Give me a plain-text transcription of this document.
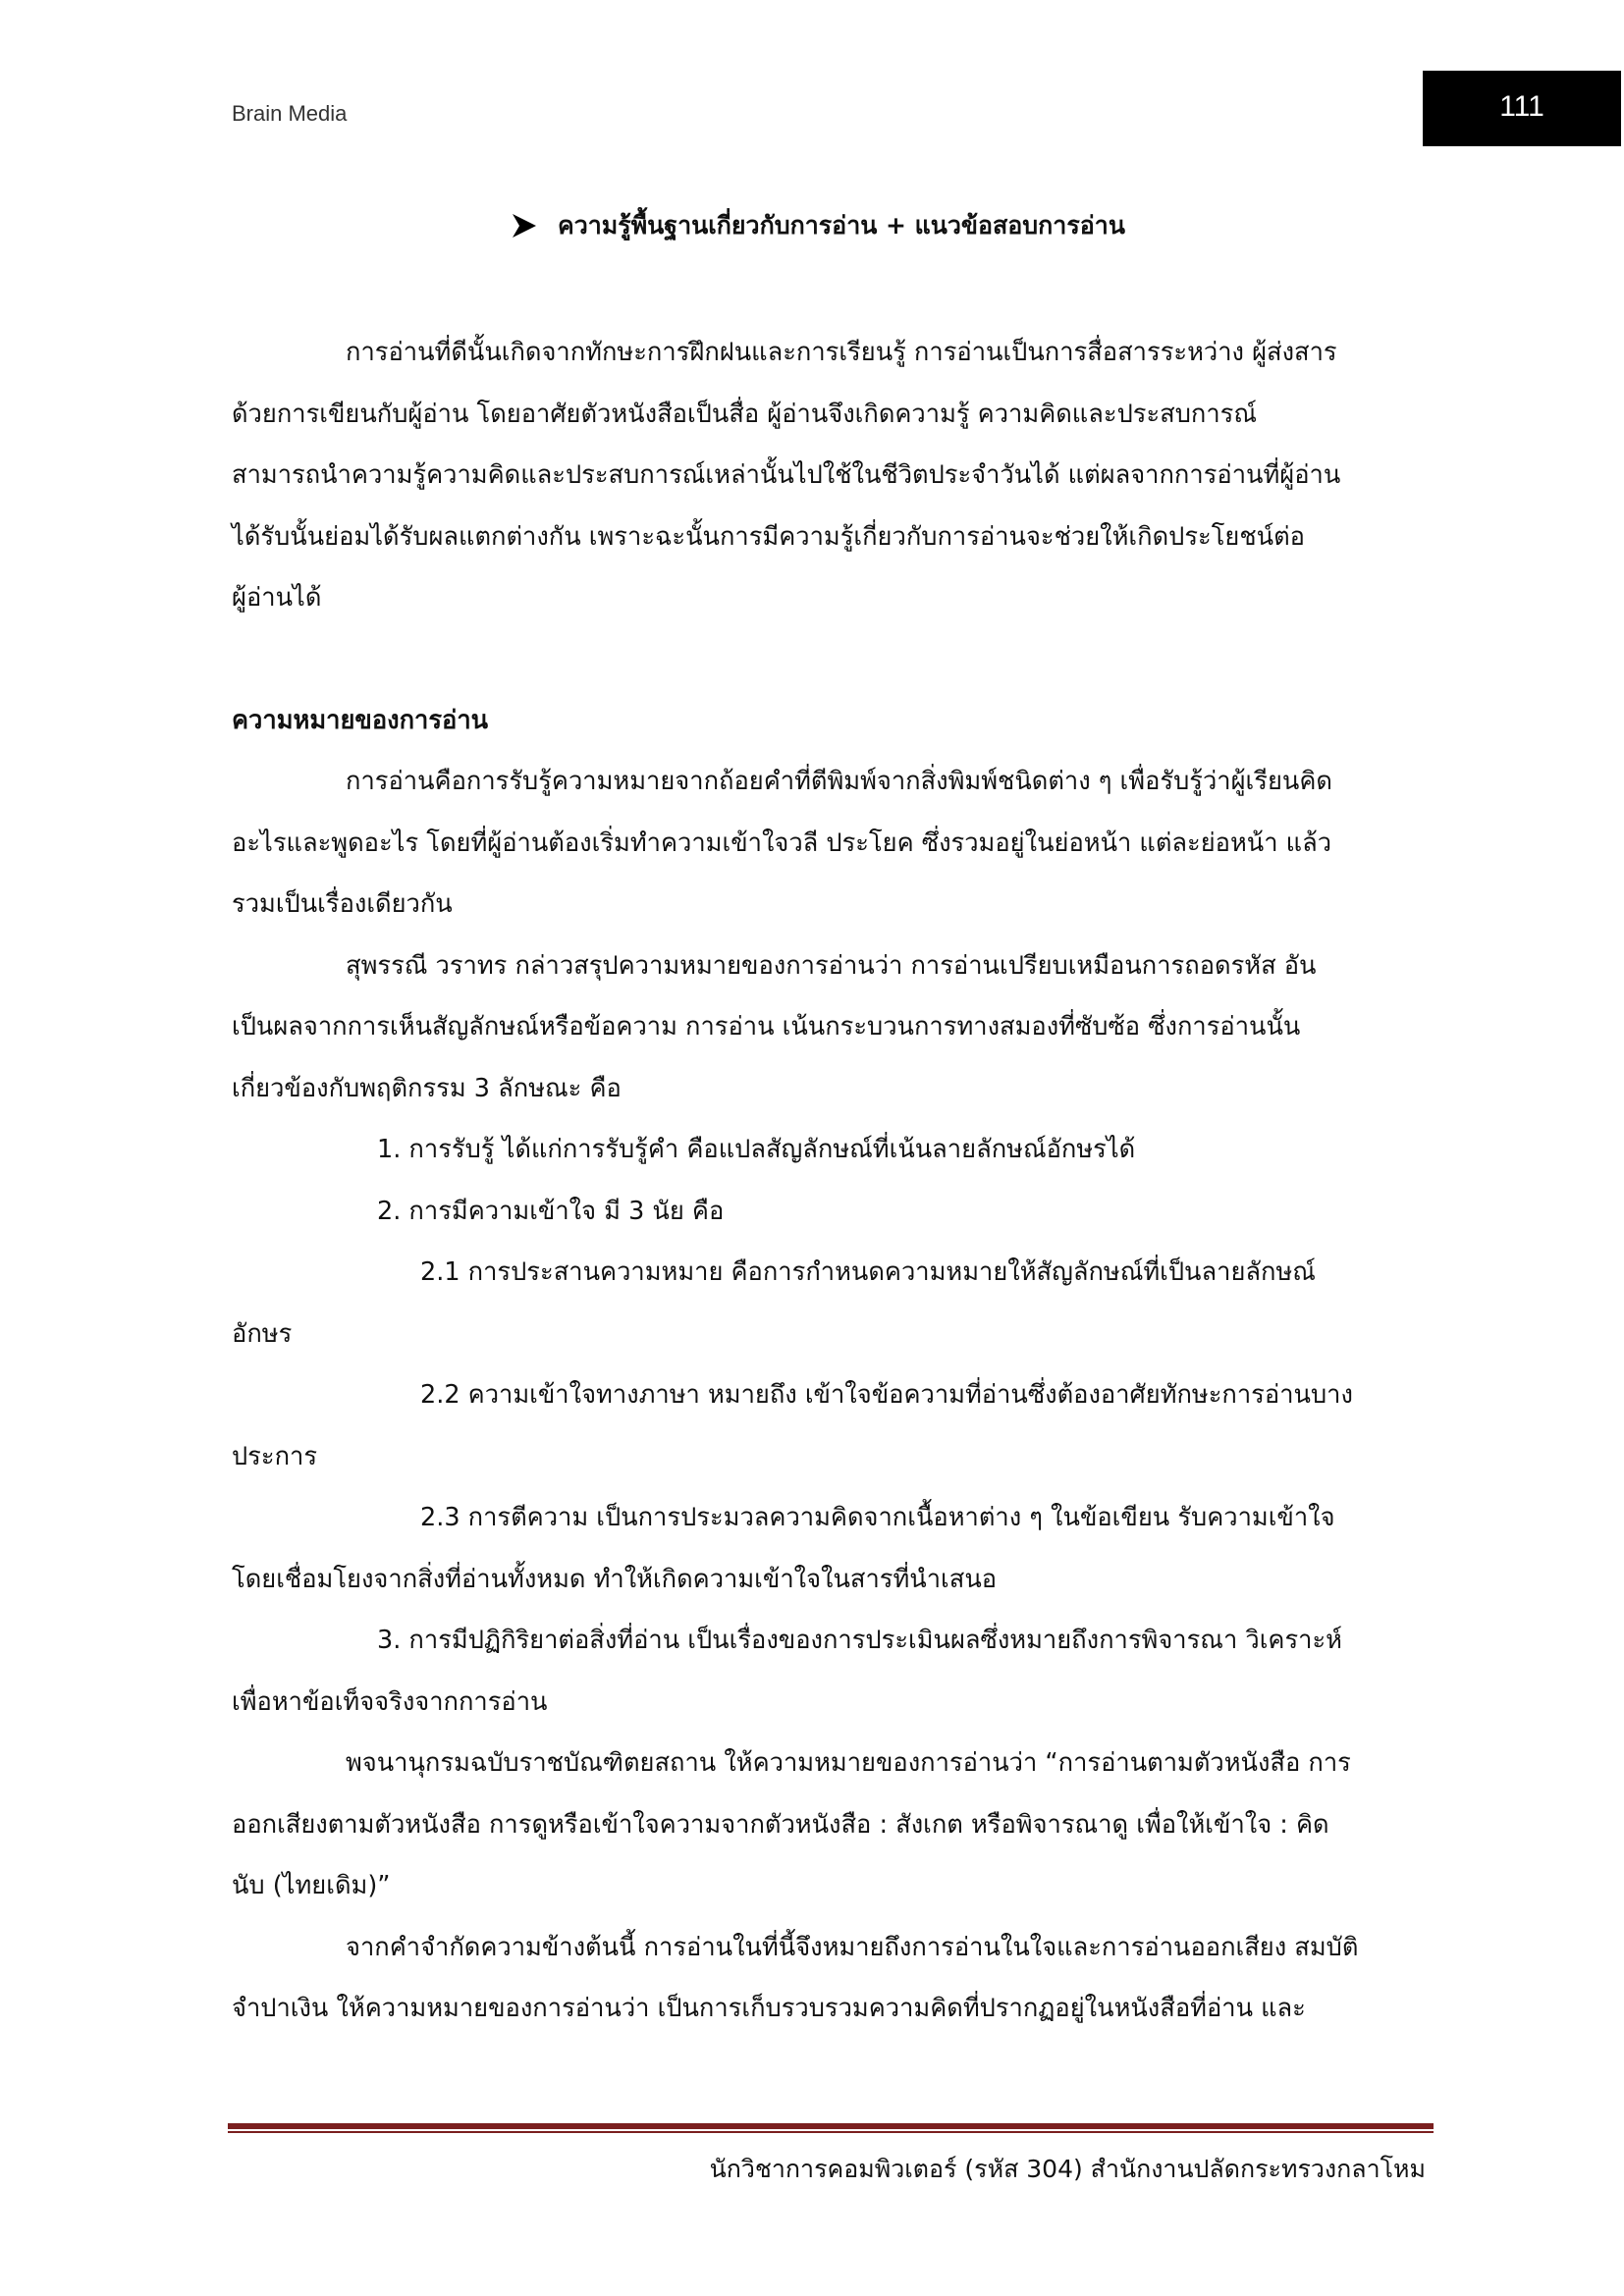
Brain Media	111
ความรู้พื้นฐานเกี่ยวกับการอ่าน + แนวข้อสอบการอ่าน
การอ่านที่ดีนั้นเกิดจากทักษะการฝึกฝนและการเรียนรู้ การอ่านเป็นการสื่อสารระหว่าง ผู้ส่งสาร
ด้วยการเขียนกับผู้อ่าน โดยอาศัยตัวหนังสือเป็นสื่อ ผู้อ่านจึงเกิดความรู้ ความคิดและประสบการณ์
สามารถนำความรู้ความคิดและประสบการณ์เหล่านั้นไปใช้ในชีวิตประจำวันได้ แต่ผลจากการอ่านที่ผู้อ่าน
ได้รับนั้นย่อมได้รับผลแตกต่างกัน เพราะฉะนั้นการมีความรู้เกี่ยวกับการอ่านจะช่วยให้เกิดประโยชน์ต่อ
ผู้อ่านได้
ความหมายของการอ่าน
การอ่านคือการรับรู้ความหมายจากถ้อยคำที่ตีพิมพ์จากสิ่งพิมพ์ชนิดต่าง ๆ เพื่อรับรู้ว่าผู้เรียนคิด
อะไรและพูดอะไร โดยที่ผู้อ่านต้องเริ่มทำความเข้าใจวลี ประโยค ซึ่งรวมอยู่ในย่อหน้า แต่ละย่อหน้า แล้ว
รวมเป็นเรื่องเดียวกัน
สุพรรณี วราทร กล่าวสรุปความหมายของการอ่านว่า การอ่านเปรียบเหมือนการถอดรหัส อัน
เป็นผลจากการเห็นสัญลักษณ์หรือข้อความ การอ่าน เน้นกระบวนการทางสมองที่ซับซ้อ ซึ่งการอ่านนั้น
เกี่ยวข้องกับพฤติกรรม 3 ลักษณะ คือ
1. การรับรู้ ได้แก่การรับรู้คำ คือแปลสัญลักษณ์ที่เน้นลายลักษณ์อักษรได้
2. การมีความเข้าใจ มี 3 นัย คือ
2.1 การประสานความหมาย คือการกำหนดความหมายให้สัญลักษณ์ที่เป็นลายลักษณ์
อักษร
2.2 ความเข้าใจทางภาษา หมายถึง เข้าใจข้อความที่อ่านซึ่งต้องอาศัยทักษะการอ่านบาง
ประการ
2.3 การตีความ เป็นการประมวลความคิดจากเนื้อหาต่าง ๆ ในข้อเขียน รับความเข้าใจ
โดยเชื่อมโยงจากสิ่งที่อ่านทั้งหมด ทำให้เกิดความเข้าใจในสารที่นำเสนอ
3. การมีปฏิกิริยาต่อสิ่งที่อ่าน เป็นเรื่องของการประเมินผลซึ่งหมายถึงการพิจารณา วิเคราะห์
เพื่อหาข้อเท็จจริงจากการอ่าน
พจนานุกรมฉบับราชบัณฑิตยสถาน ให้ความหมายของการอ่านว่า “การอ่านตามตัวหนังสือ การ
ออกเสียงตามตัวหนังสือ การดูหรือเข้าใจความจากตัวหนังสือ : สังเกต หรือพิจารณาดู เพื่อให้เข้าใจ : คิด
นับ (ไทยเดิม)”
จากคำจำกัดความข้างต้นนี้ การอ่านในที่นี้จึงหมายถึงการอ่านในใจและการอ่านออกเสียง สมบัติ
จำปาเงิน ให้ความหมายของการอ่านว่า เป็นการเก็บรวบรวมความคิดที่ปรากฏอยู่ในหนังสือที่อ่าน และ
นักวิชาการคอมพิวเตอร์ (รหัส 304) สำนักงานปลัดกระทรวงกลาโหม
